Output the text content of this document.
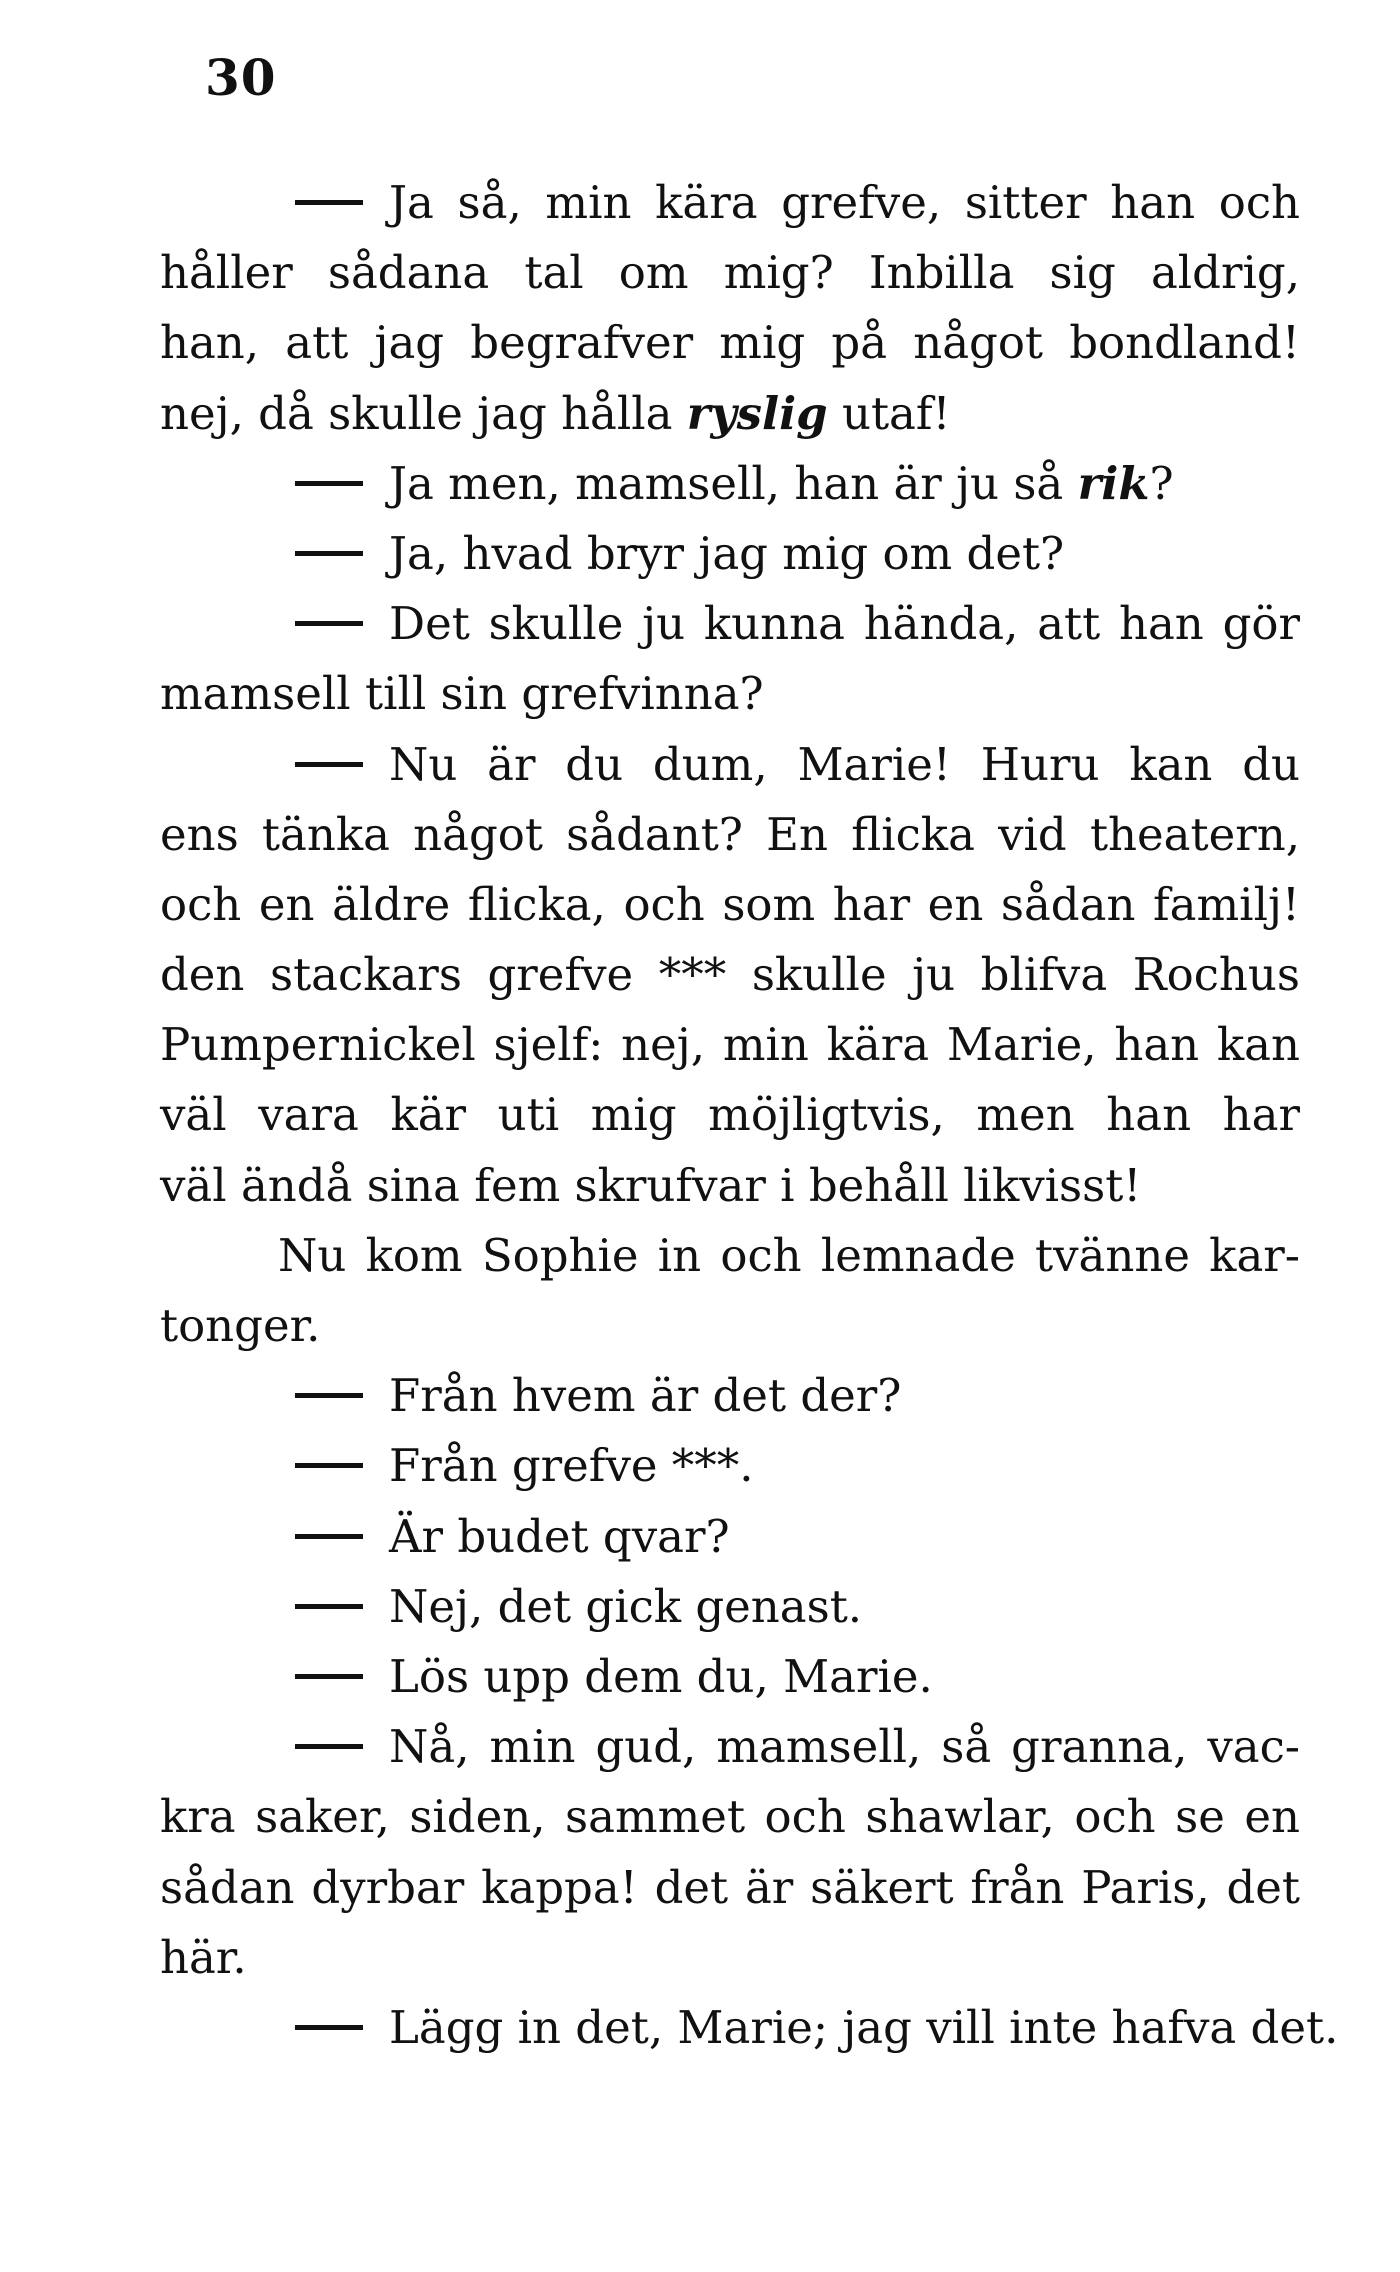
30
Ja så, min kära grefve, sitter han och
håller sådana tal om mig? Inbilla sig aldrig,
han, att jag begrafver mig på något bondland!
nej, då skulle jag hålla ryslig utaf!
Ja men, mamsell, han är ju så rik?
Ja, hvad bryr jag mig om det?
Det skulle ju kunna hända, att han gör
mamsell till sin grefvinna?
Nu är du dum, Marie! Huru kan du
ens tänka något sådant? En flicka vid theatern,
och en äldre flicka, och som har en sådan familj!
den stackars grefve *** skulle ju blifva Rochus
Pumpernickel sjelf: nej, min kära Marie, han kan
väl vara kär uti mig möjligtvis, men han har
väl ändå sina fem skrufvar i behåll likvisst!
Nu kom Sophie in och lemnade tvänne kar-
tonger.
Från hvem är det der?
Från grefve ***.
Är budet qvar?
Nej, det gick genast.
Lös upp dem du, Marie.
Nå, min gud, mamsell, så granna, vac-
kra saker, siden, sammet och shawlar, och se en
sådan dyrbar kappa! det är säkert från Paris, det
här.
Lägg in det, Marie; jag vill inte hafva det.
